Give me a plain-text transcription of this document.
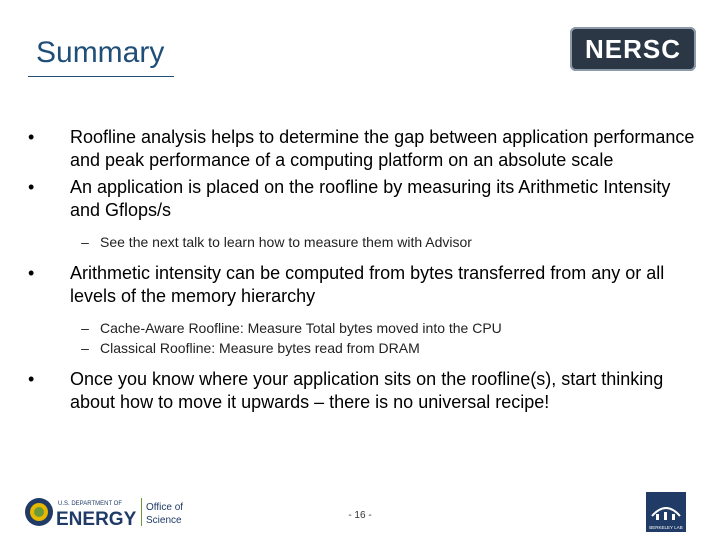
Summary	NERSC
•	Roofline analysis helps to determine the gap between application performance and peak performance of a computing platform on an absolute scale
•	An application is placed on the roofline by measuring its Arithmetic Intensity and Gflops/s
– See the next talk to learn how to measure them with Advisor
•	Arithmetic intensity can be computed from bytes transferred from any or all levels of the memory hierarchy
– Cache-Aware Roofline: Measure Total bytes moved into the CPU
– Classical Roofline: Measure bytes read from DRAM
•	Once you know where your application sits on the roofline(s), start thinking about how to move it upwards – there is no universal recipe!
U.S. DEPARTMENT OF
ENERGY
Office of
Science	- 16 -
BERKELEY LAB
